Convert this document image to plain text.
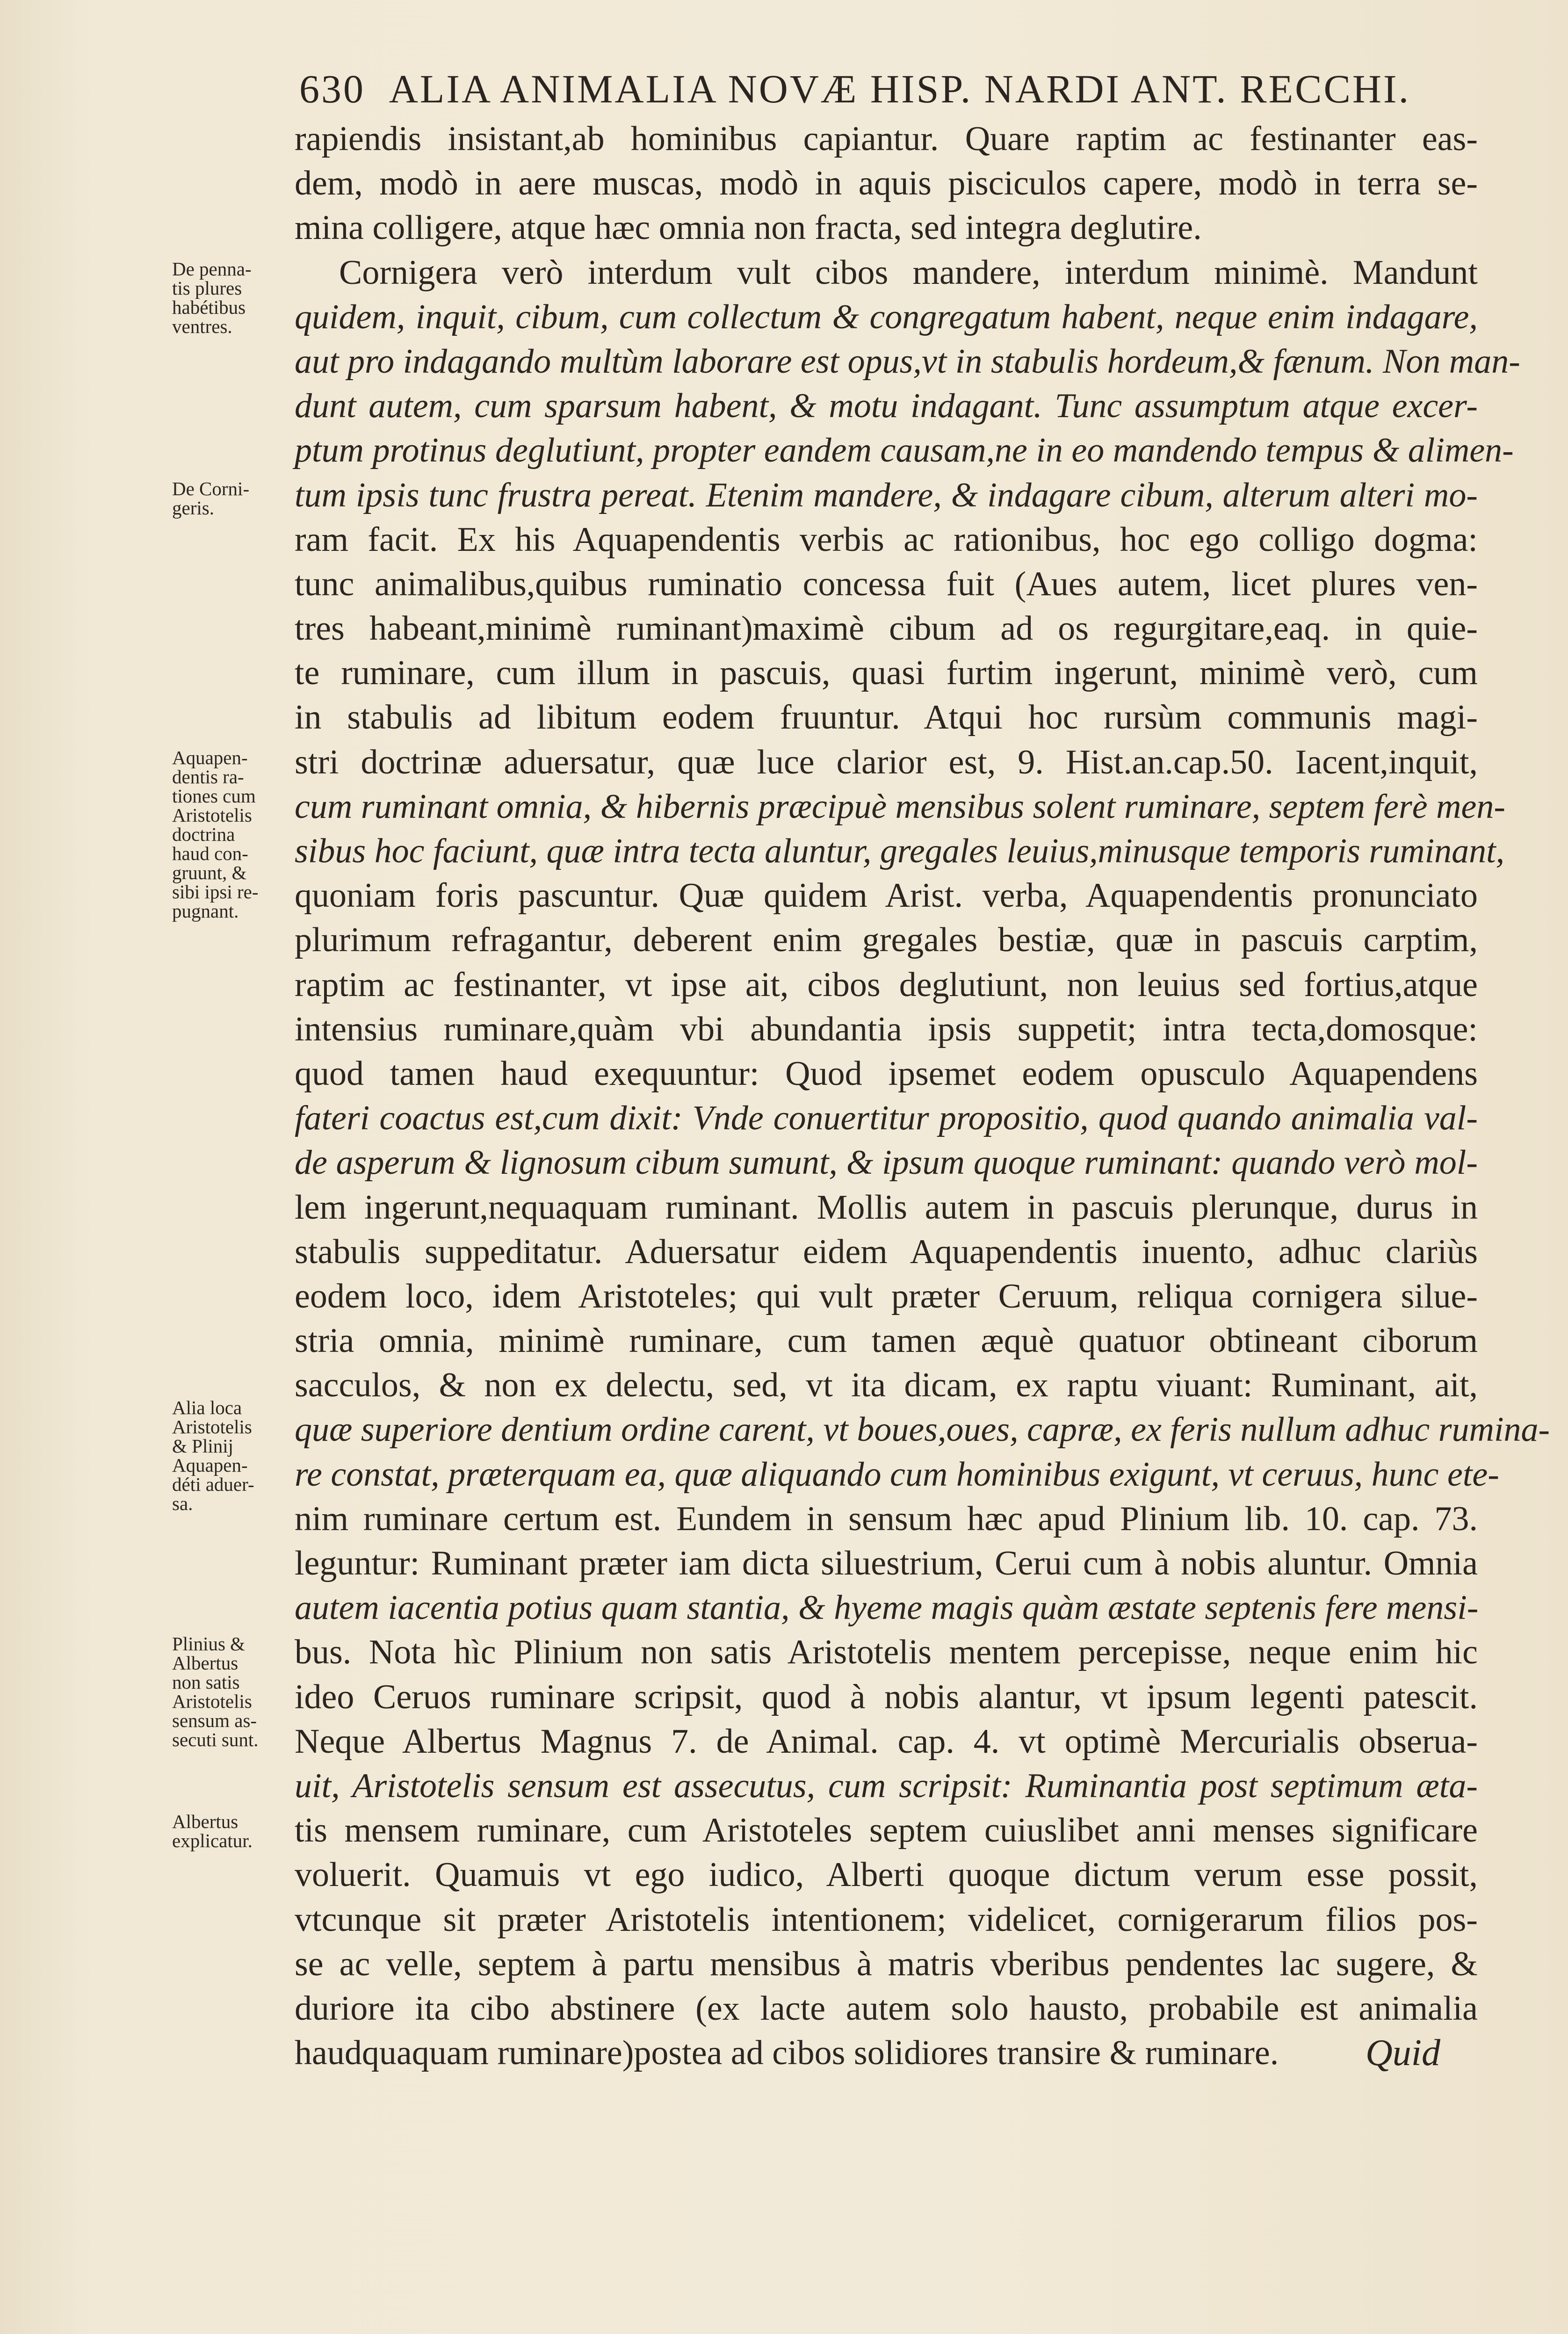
630 ALIA ANIMALIA NOVÆ HISP. NARDI ANT. RECCHI.
rapiendis insistant,ab hominibus capiantur. Quare raptim ac festinanter eas-
dem, modò in aere muscas, modò in aquis pisciculos capere, modò in terra se-
mina colligere, atque hæc omnia non fracta, sed integra deglutire.
Cornigera verò interdum vult cibos mandere, interdum minimè. Mandunt
quidem, inquit, cibum, cum collectum & congregatum habent, neque enim indagare,
aut pro indagando multùm laborare est opus,vt in stabulis hordeum,& fænum. Non man-
dunt autem, cum sparsum habent, & motu indagant. Tunc assumptum atque excer-
ptum protinus deglutiunt, propter eandem causam,ne in eo mandendo tempus & alimen-
tum ipsis tunc frustra pereat. Etenim mandere, & indagare cibum, alterum alteri mo-
ram facit. Ex his Aquapendentis verbis ac rationibus, hoc ego colligo dogma:
tunc animalibus,quibus ruminatio concessa fuit (Aues autem, licet plures ven-
tres habeant,minimè ruminant)maximè cibum ad os regurgitare,eaq. in quie-
te ruminare, cum illum in pascuis, quasi furtim ingerunt, minimè verò, cum
in stabulis ad libitum eodem fruuntur. Atqui hoc rursùm communis magi-
stri doctrinæ aduersatur, quæ luce clarior est, 9. Hist.an.cap.50. Iacent,inquit,
cum ruminant omnia, & hibernis præcipuè mensibus solent ruminare, septem ferè men-
sibus hoc faciunt, quæ intra tecta aluntur, gregales leuius,minusque temporis ruminant,
quoniam foris pascuntur. Quæ quidem Arist. verba, Aquapendentis pronunciato
plurimum refragantur, deberent enim gregales bestiæ, quæ in pascuis carptim,
raptim ac festinanter, vt ipse ait, cibos deglutiunt, non leuius sed fortius,atque
intensius ruminare,quàm vbi abundantia ipsis suppetit; intra tecta,domosque:
quod tamen haud exequuntur: Quod ipsemet eodem opusculo Aquapendens
fateri coactus est,cum dixit: Vnde conuertitur propositio, quod quando animalia val-
de asperum & lignosum cibum sumunt, & ipsum quoque ruminant: quando verò mol-
lem ingerunt,nequaquam ruminant. Mollis autem in pascuis plerunque, durus in
stabulis suppeditatur. Aduersatur eidem Aquapendentis inuento, adhuc clariùs
eodem loco, idem Aristoteles; qui vult præter Ceruum, reliqua cornigera silue-
stria omnia, minimè ruminare, cum tamen æquè quatuor obtineant ciborum
sacculos, & non ex delectu, sed, vt ita dicam, ex raptu viuant: Ruminant, ait,
quæ superiore dentium ordine carent, vt boues,oues, capræ, ex feris nullum adhuc rumina-
re constat, præterquam ea, quæ aliquando cum hominibus exigunt, vt ceruus, hunc ete-
nim ruminare certum est. Eundem in sensum hæc apud Plinium lib. 10. cap. 73.
leguntur: Ruminant præter iam dicta siluestrium, Cerui cum à nobis aluntur. Omnia
autem iacentia potius quam stantia, & hyeme magis quàm æstate septenis fere mensi-
bus. Nota hìc Plinium non satis Aristotelis mentem percepisse, neque enim hic
ideo Ceruos ruminare scripsit, quod à nobis alantur, vt ipsum legenti patescit.
Neque Albertus Magnus 7. de Animal. cap. 4. vt optimè Mercurialis obserua-
uit, Aristotelis sensum est assecutus, cum scripsit: Ruminantia post septimum æta-
tis mensem ruminare, cum Aristoteles septem cuiuslibet anni menses significare
voluerit. Quamuis vt ego iudico, Alberti quoque dictum verum esse possit,
vtcunque sit præter Aristotelis intentionem; videlicet, cornigerarum filios pos-
se ac velle, septem à partu mensibus à matris vberibus pendentes lac sugere, &
duriore ita cibo abstinere (ex lacte autem solo hausto, probabile est animalia
haudquaquam ruminare)postea ad cibos solidiores transire & ruminare.
De penna-
tis plures
habétibus
ventres.
De Corni-
geris.
Aquapen-
dentis ra-
tiones cum
Aristotelis
doctrina
haud con-
gruunt, &
sibi ipsi re-
pugnant.
Alia loca
Aristotelis
& Plinij
Aquapen-
déti aduer-
sa.
Plinius &
Albertus
non satis
Aristotelis
sensum as-
secuti sunt.
Albertus
explicatur.
Quid
